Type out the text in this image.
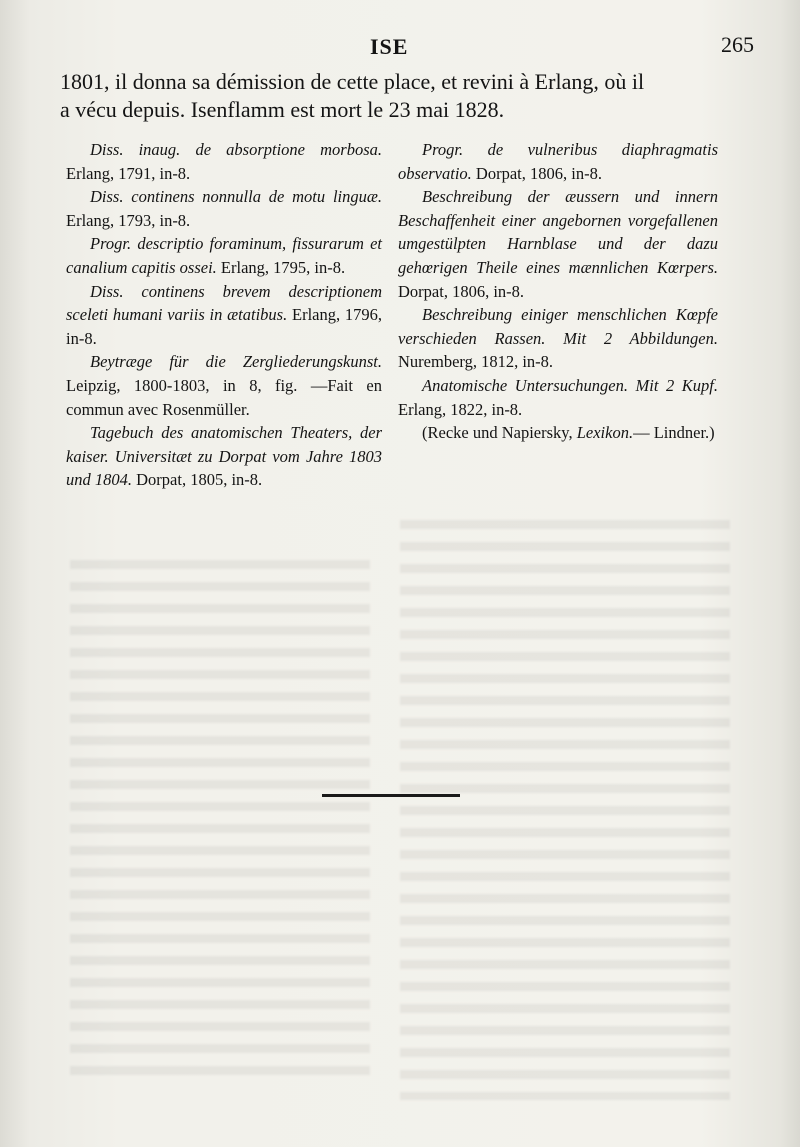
ISE	265

1801, il donna sa démission de cette place, et revini à Erlang, où il

a vécu depuis. Isenflamm est mort le 23 mai 1828.

Diss. inaug. de absorptione morbosa. Erlang, 1791, in-8.

Diss. continens nonnulla de motu linguæ. Erlang, 1793, in-8.

Progr. descriptio foraminum, fissurarum et canalium capitis ossei. Erlang, 1795, in-8.

Diss. continens brevem descriptionem sceleti humani variis in ætatibus. Erlang, 1796, in-8.

Beytræge für die Zergliederungskunst. Leipzig, 1800-1803, in 8, fig. —Fait en commun avec Rosenmüller.

Tagebuch des anatomischen Theaters, der kaiser. Universitæt zu Dorpat vom Jahre 1803 und 1804. Dorpat, 1805, in-8.

Progr. de vulneribus diaphragmatis observatio. Dorpat, 1806, in-8.

Beschreibung der æussern und innern Beschaffenheit einer angebornen vorgefallenen umgestülpten Harnblase und der dazu gehœrigen Theile eines mænnlichen Kœrpers. Dorpat, 1806, in-8.

Beschreibung einiger menschlichen Kœpfe verschieden Rassen. Mit 2 Abbildungen. Nuremberg, 1812, in-8.

Anatomische Untersuchungen. Mit 2 Kupf. Erlang, 1822, in-8.

(Recke und Napiersky, Lexikon.— Lindner.)
